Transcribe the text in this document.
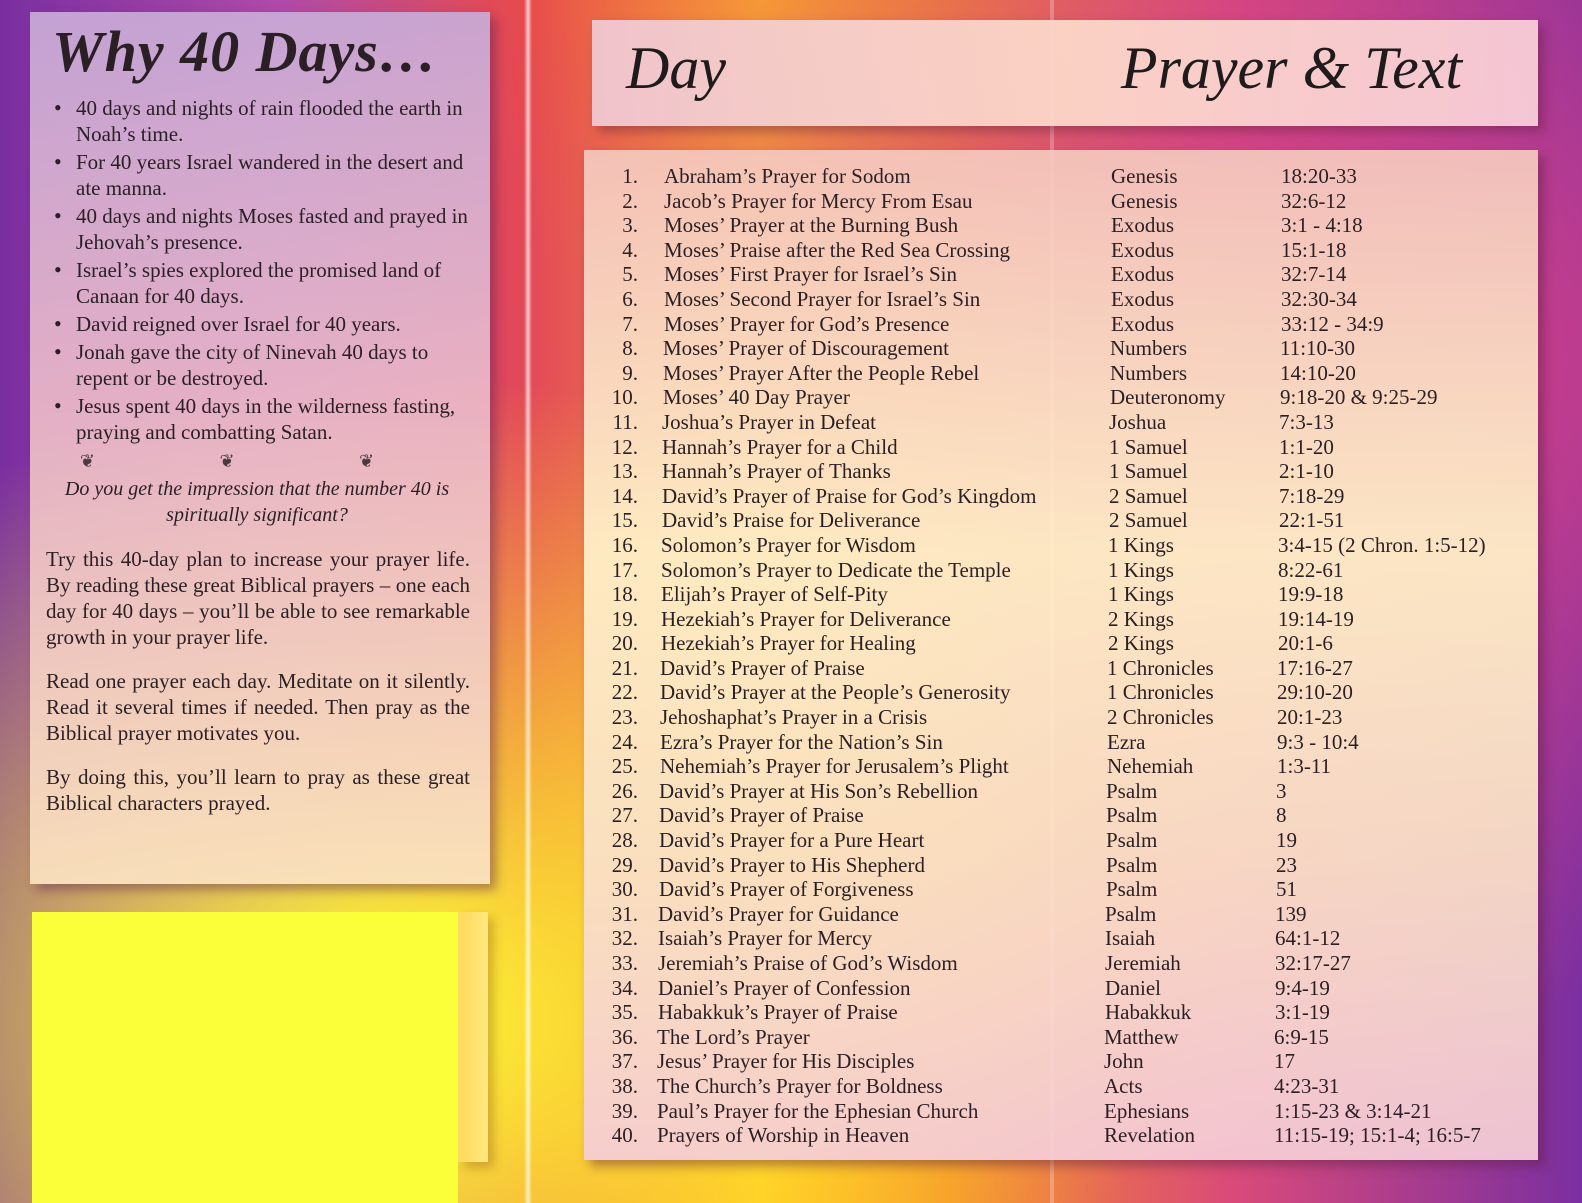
Why 40 Days…
• 40 days and nights of rain flooded the earth in Noah’s time.
• For 40 years Israel wandered in the desert and ate manna.
• 40 days and nights Moses fasted and prayed in Jehovah’s presence.
• Israel’s spies explored the promised land of Canaan for 40 days.
• David reigned over Israel for 40 years.
• Jonah gave the city of Ninevah 40 days to repent or be destroyed.
• Jesus spent 40 days in the wilderness fasting, praying and combatting Satan.
❦ ❦ ❦

Do you get the impression that the number 40 is spiritually significant?

Try this 40-day plan to increase your prayer life. By reading these great Biblical prayers – one each day for 40 days – you’ll be able to see remarkable growth in your prayer life.

Read one prayer each day. Meditate on it silently. Read it several times if needed. Then pray as the Biblical prayer motivates you.

By doing this, you’ll learn to pray as these great Biblical characters prayed.

Day	Prayer & Text
1. Abraham’s Prayer for Sodom	Genesis	18:20-33
2. Jacob’s Prayer for Mercy From Esau	Genesis	32:6-12
3. Moses’ Prayer at the Burning Bush	Exodus	3:1 - 4:18
4. Moses’ Praise after the Red Sea Crossing	Exodus	15:1-18
5. Moses’ First Prayer for Israel’s Sin	Exodus	32:7-14
6. Moses’ Second Prayer for Israel’s Sin	Exodus	32:30-34
7. Moses’ Prayer for God’s Presence	Exodus	33:12 - 34:9
8. Moses’ Prayer of Discouragement	Numbers	11:10-30
9. Moses’ Prayer After the People Rebel	Numbers	14:10-20
10. Moses’ 40 Day Prayer	Deuteronomy	9:18-20 & 9:25-29
11. Joshua’s Prayer in Defeat	Joshua	7:3-13
12. Hannah’s Prayer for a Child	1 Samuel	1:1-20
13. Hannah’s Prayer of Thanks	1 Samuel	2:1-10
14. David’s Prayer of Praise for God’s Kingdom	2 Samuel	7:18-29
15. David’s Praise for Deliverance	2 Samuel	22:1-51
16. Solomon’s Prayer for Wisdom	1 Kings	3:4-15 (2 Chron. 1:5-12)
17. Solomon’s Prayer to Dedicate the Temple	1 Kings	8:22-61
18. Elijah’s Prayer of Self-Pity	1 Kings	19:9-18
19. Hezekiah’s Prayer for Deliverance	2 Kings	19:14-19
20. Hezekiah’s Prayer for Healing	2 Kings	20:1-6
21. David’s Prayer of Praise	1 Chronicles	17:16-27
22. David’s Prayer at the People’s Generosity	1 Chronicles	29:10-20
23. Jehoshaphat’s Prayer in a Crisis	2 Chronicles	20:1-23
24. Ezra’s Prayer for the Nation’s Sin	Ezra	9:3 - 10:4
25. Nehemiah’s Prayer for Jerusalem’s Plight	Nehemiah	1:3-11
26. David’s Prayer at His Son’s Rebellion	Psalm	3
27. David’s Prayer of Praise	Psalm	8
28. David’s Prayer for a Pure Heart	Psalm	19
29. David’s Prayer to His Shepherd	Psalm	23
30. David’s Prayer of Forgiveness	Psalm	51
31. David’s Prayer for Guidance	Psalm	139
32. Isaiah’s Prayer for Mercy	Isaiah	64:1-12
33. Jeremiah’s Praise of God’s Wisdom	Jeremiah	32:17-27
34. Daniel’s Prayer of Confession	Daniel	9:4-19
35. Habakkuk’s Prayer of Praise	Habakkuk	3:1-19
36. The Lord’s Prayer	Matthew	6:9-15
37. Jesus’ Prayer for His Disciples	John	17
38. The Church’s Prayer for Boldness	Acts	4:23-31
39. Paul’s Prayer for the Ephesian Church	Ephesians	1:15-23 & 3:14-21
40. Prayers of Worship in Heaven	Revelation	11:15-19; 15:1-4; 16:5-7
